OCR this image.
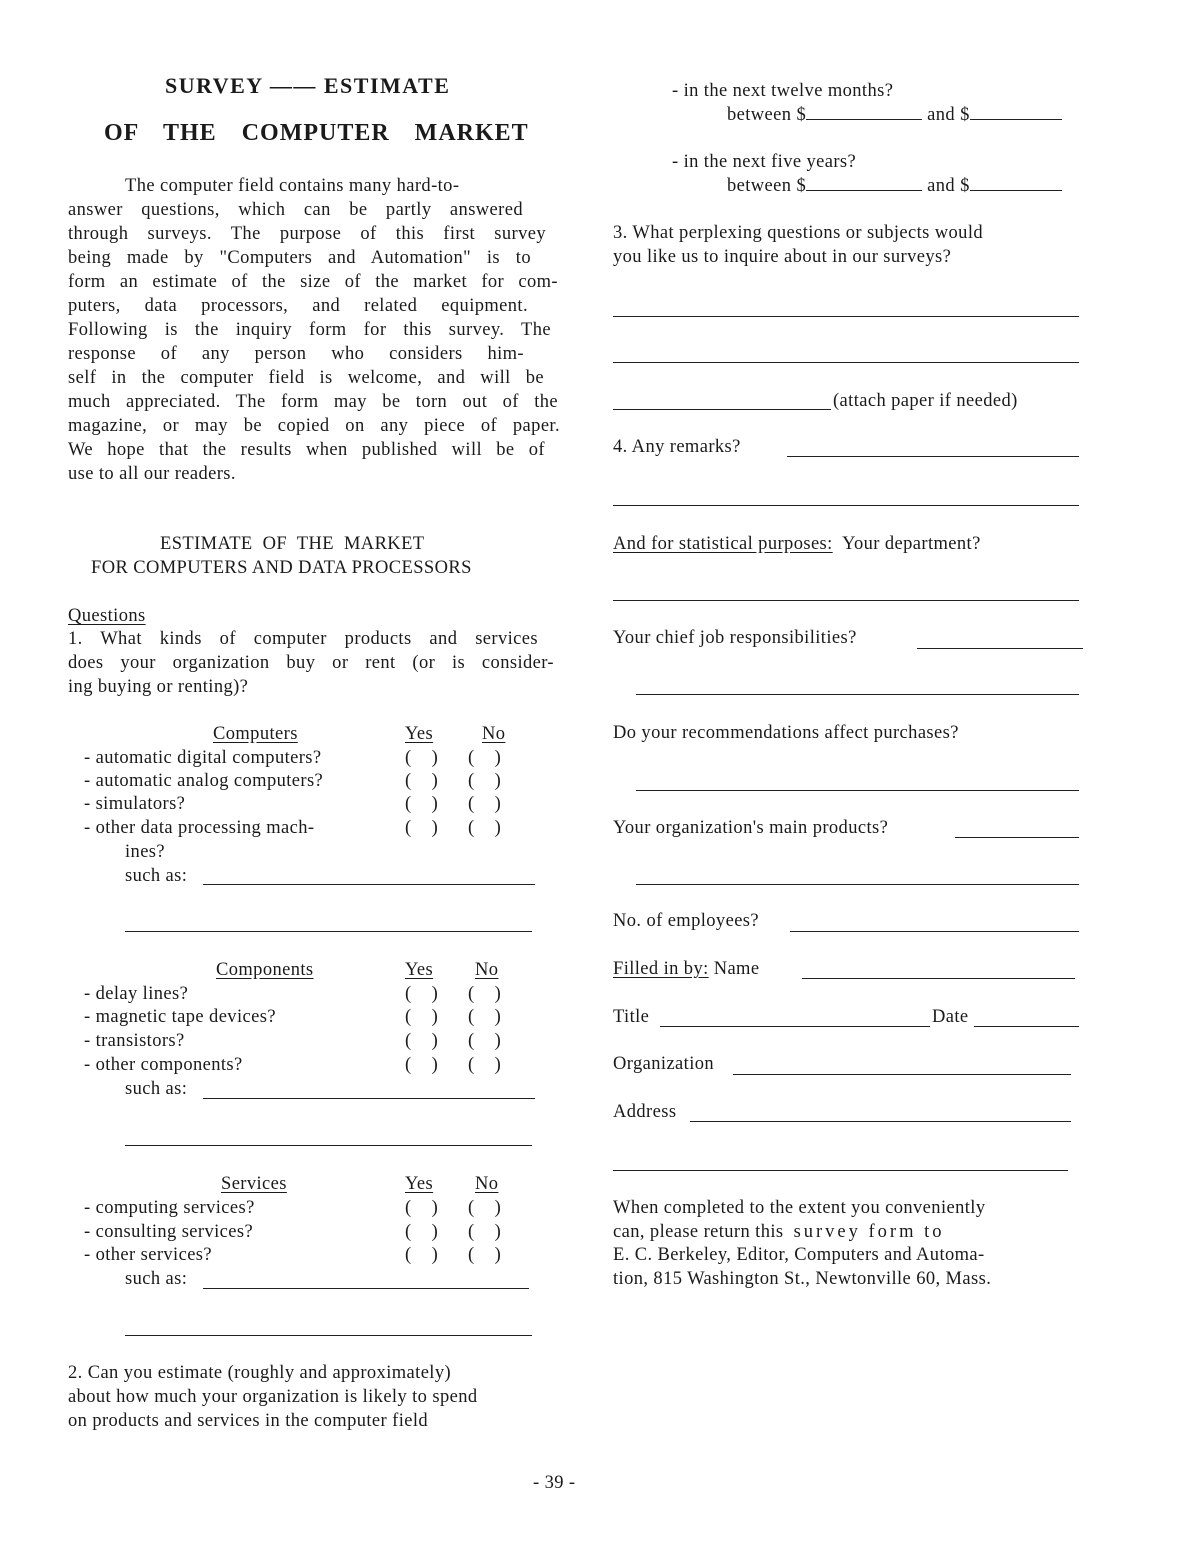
SURVEY —— ESTIMATE
OF THE COMPUTER MARKET
The computer field contains many hard-to-
answer questions, which can be partly answered
through surveys. The purpose of this first survey
being made by "Computers and Automation" is to
form an estimate of the size of the market for com-
puters, data processors, and related equipment.
Following is the inquiry form for this survey. The
response of any person who considers him-
self in the computer field is welcome, and will be
much appreciated. The form may be torn out of the
magazine, or may be copied on any piece of paper.
We hope that the results when published will be of
use to all our readers.
ESTIMATE OF THE MARKET
FOR COMPUTERS AND DATA PROCESSORS
Questions
1. What kinds of computer products and services
does your organization buy or rent (or is consider-
ing buying or renting)?
Computers	Yes	No
- automatic digital computers?	(    ) (    )
- automatic analog computers?	(    ) (    )
- simulators?	(    ) (    )
- other data processing mach-	(    ) (    )
ines?
such as:
Components	Yes No
- delay lines?	(    ) (    )
- magnetic tape devices?	(    ) (    )
- transistors?	(    ) (    )
- other components?	(    ) (    )
such as:
Services	Yes No
- computing services?	(    ) (    )
- consulting services?	(    ) (    )
- other services?	(    ) (    )
such as:
2. Can you estimate (roughly and approximately)
about how much your organization is likely to spend
on products and services in the computer field
- 39 -
- in the next twelve months?
between $	and $
- in the next five years?
between $	and $
3. What perplexing questions or subjects would
you like us to inquire about in our surveys?
(attach paper if needed)
4. Any remarks?
And for statistical purposes: Your department?
Your chief job responsibilities?
Do your recommendations affect purchases?
Your organization's main products?
No. of employees?
Filled in by: Name
Title	Date
Organization
Address
When completed to the extent you conveniently
can, please return this survey form to
E. C. Berkeley, Editor, Computers and Automa-
tion, 815 Washington St., Newtonville 60, Mass.
